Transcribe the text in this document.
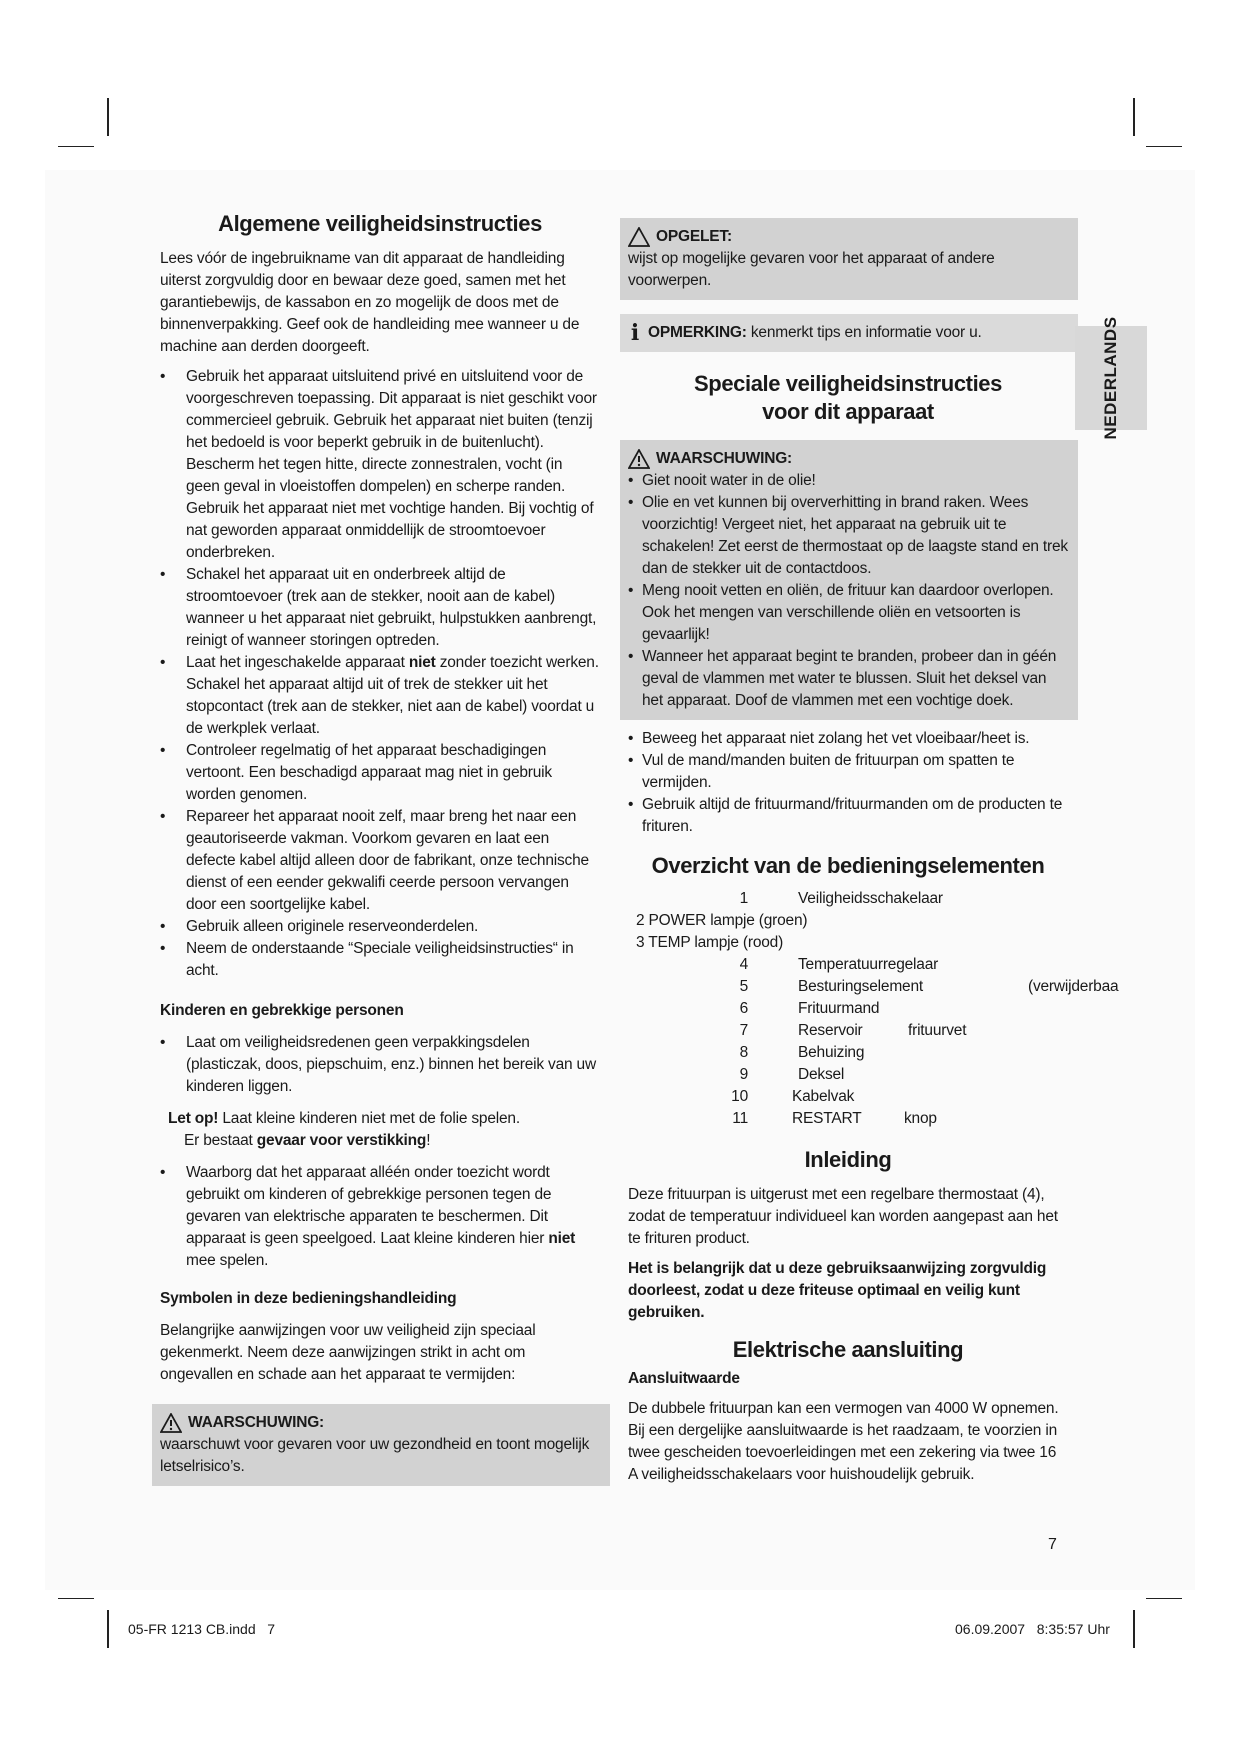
Algemene veiligheidsinstructies

Lees vóór de ingebruikname van dit apparaat de handleiding uiterst zorgvuldig door en bewaar deze goed, samen met het garantiebewijs, de kassabon en zo mogelijk de doos met de binnenverpakking. Geef ook de handleiding mee wanneer u de machine aan derden doorgeeft.

• Gebruik het apparaat uitsluitend privé en uitsluitend voor de voorgeschreven toepassing. Dit apparaat is niet geschikt voor commercieel gebruik. Gebruik het apparaat niet buiten (tenzij het bedoeld is voor beperkt gebruik in de buitenlucht). Bescherm het tegen hitte, directe zonnestralen, vocht (in geen geval in vloeistoffen dompelen) en scherpe randen. Gebruik het apparaat niet met vochtige handen. Bij vochtig of nat geworden apparaat onmiddellijk de stroomtoevoer onderbreken.
• Schakel het apparaat uit en onderbreek altijd de stroomtoevoer (trek aan de stekker, nooit aan de kabel) wanneer u het apparaat niet gebruikt, hulpstukken aanbrengt, reinigt of wanneer storingen optreden.
• Laat het ingeschakelde apparaat niet zonder toezicht werken. Schakel het apparaat altijd uit of trek de stekker uit het stopcontact (trek aan de stekker, niet aan de kabel) voordat u de werkplek verlaat.
• Controleer regelmatig of het apparaat beschadigingen vertoont. Een beschadigd apparaat mag niet in gebruik worden genomen.
• Repareer het apparaat nooit zelf, maar breng het naar een geautoriseerde vakman. Voorkom gevaren en laat een defecte kabel altijd alleen door de fabrikant, onze technische dienst of een eender gekwalifi ceerde persoon vervangen door een soortgelijke kabel.
• Gebruik alleen originele reserveonderdelen.
• Neem de onderstaande “Speciale veiligheidsinstructies“ in acht.
Kinderen en gebrekkige personen
• Laat om veiligheidsredenen geen verpakkingsdelen (plasticzak, doos, piepschuim, enz.) binnen het bereik van uw kinderen liggen.
Let op! Laat kleine kinderen niet met de folie spelen.
Er bestaat gevaar voor verstikking!
• Waarborg dat het apparaat alléén onder toezicht wordt gebruikt om kinderen of gebrekkige personen tegen de gevaren van elektrische apparaten te beschermen. Dit apparaat is geen speelgoed. Laat kleine kinderen hier niet mee spelen.
Symbolen in deze bedieningshandleiding

Belangrijke aanwijzingen voor uw veiligheid zijn speciaal gekenmerkt. Neem deze aanwijzingen strikt in acht om ongevallen en schade aan het apparaat te vermijden:

WAARSCHUWING:
waarschuwt voor gevaren voor uw gezondheid en toont mogelijk letselrisico’s.
OPGELET:
wijst op mogelijke gevaren voor het apparaat of andere voorwerpen.
i OPMERKING: kenmerkt tips en informatie voor u.
Speciale veiligheidsinstructies
voor dit apparaat
WAARSCHUWING:
• Giet nooit water in de olie!
• Olie en vet kunnen bij oververhitting in brand raken. Wees voorzichtig! Vergeet niet, het apparaat na gebruik uit te schakelen! Zet eerst de thermostaat op de laagste stand en trek dan de stekker uit de contactdoos.
• Meng nooit vetten en oliën, de frituur kan daardoor overlopen. Ook het mengen van verschillende oliën en vetsoorten is gevaarlijk!
• Wanneer het apparaat begint te branden, probeer dan in géén geval de vlammen met water te blussen. Sluit het deksel van het apparaat. Doof de vlammen met een vochtige doek.
• Beweeg het apparaat niet zolang het vet vloeibaar/heet is.
• Vul de mand/manden buiten de frituurpan om spatten te vermijden.
• Gebruik altijd de frituurmand/frituurmanden om de producten te frituren.
Overzicht van de bedieningselementen
1	Veiligheidsschakelaar
2 POWER lampje (groen)
3 TEMP lampje (rood)
4	Temperatuurregelaar
5	Besturingselement	(verwijderbaa
6	Frituurmand
7	Reservoir	frituurvet
8	Behuizing
9	Deksel
10	Kabelvak
11	RESTART	knop
Inleiding

Deze frituurpan is uitgerust met een regelbare thermostaat (4), zodat de temperatuur individueel kan worden aangepast aan het te frituren product.

Het is belangrijk dat u deze gebruiksaanwijzing zorgvuldig doorleest, zodat u deze friteuse optimaal en veilig kunt gebruiken.

Elektrische aansluiting
Aansluitwaarde

De dubbele frituurpan kan een vermogen van 4000 W opnemen. Bij een dergelijke aansluitwaarde is het raadzaam, te voorzien in twee gescheiden toevoerleidingen met een zekering via twee 16 A veiligheidsschakelaars voor huishoudelijk gebruik.

NEDERLANDS
7
05-FR 1213 CB.indd   7	06.09.2007   8:35:57 Uhr
